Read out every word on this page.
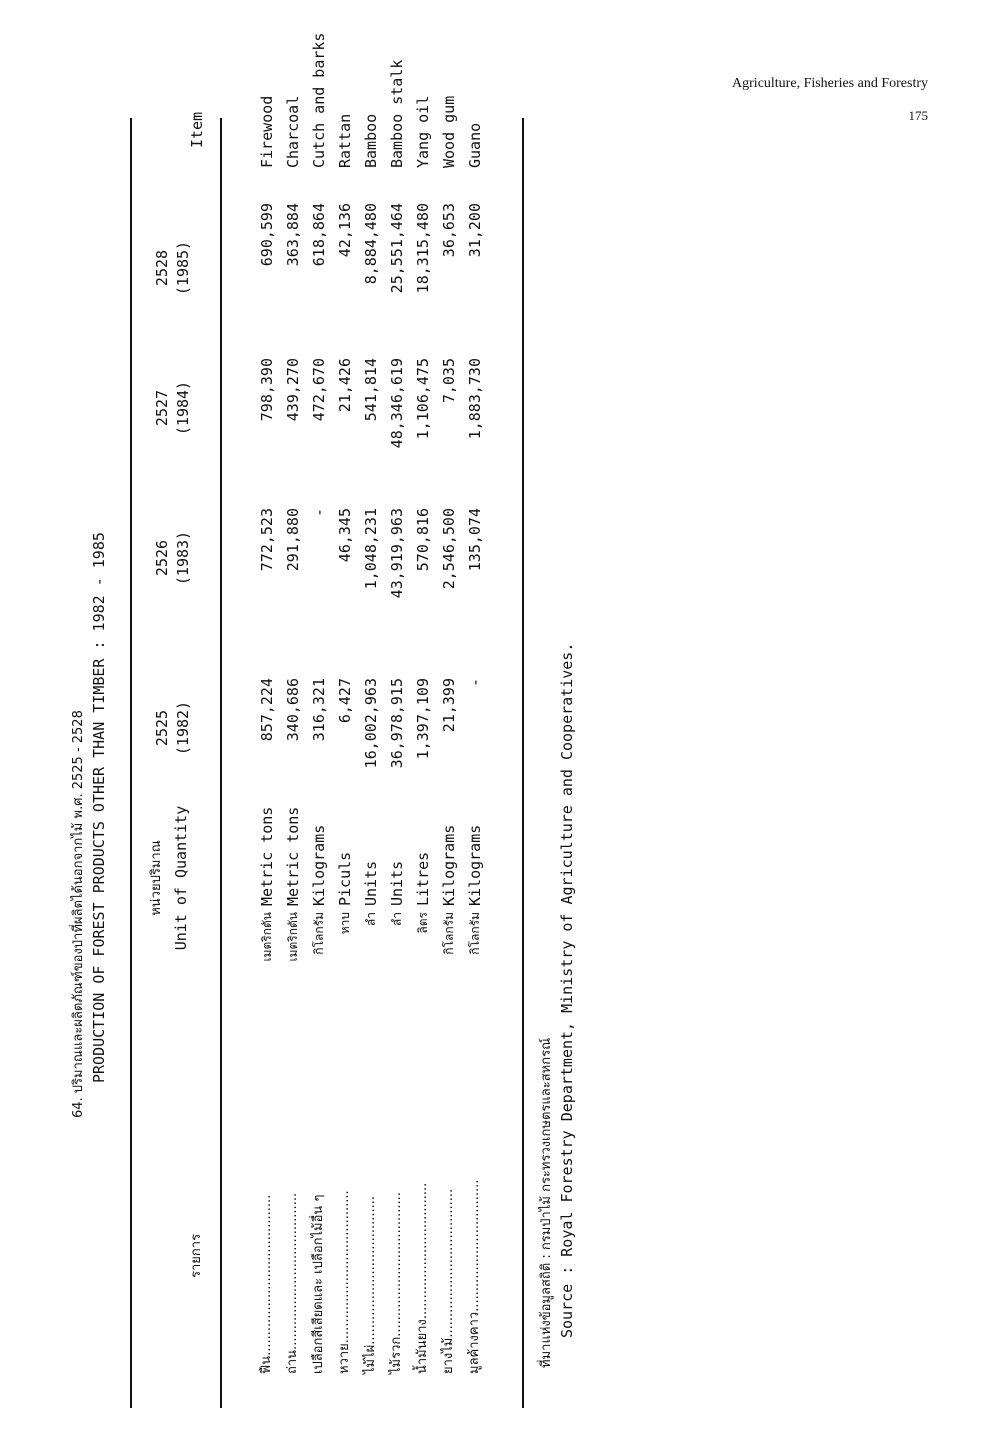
Agriculture, Fisheries and Forestry
175
64. ปริมาณและผลิตภัณฑ์ของป่าที่ผลิตได้นอกจากไม้ พ.ศ. 2525 - 2528 PRODUCTION OF FOREST PRODUCTS OTHER THAN TIMBER : 1982 - 1985
รายการ
หน่วยปริมาณ Unit of Quantity
2525 (1982)
2526 (1983)
2527 (1984)
2528 (1985)
Item
ฟืน.......................................
เมตริกตัน
Metric tons
857,224
772,523
798,390
690,599
Firewood
ถ่าน......................................
เมตริกตัน
Metric tons
340,686
291,880
439,270
363,884
Charcoal
เปลือกสีเสียดและ เปลือกไม้อื่น ๆ
กิโลกรัม
Kilograms
316,321
-
472,670
618,864
Cutch and barks
หวาย.....................................
หาบ
Piculs
6,427
46,345
21,426
42,136
Rattan
ไม้ไผ่....................................
ลำ
Units
16,002,963
1,048,231
541,814
8,884,480
Bamboo
ไม้รวก...................................
ลำ
Units
36,978,915
43,919,963
48,346,619
25,551,464
Bamboo stalk
น้ำมันยาง.................................
ลิตร
Litres
1,397,109
570,816
1,106,475
18,315,480
Yang oil
ยางไม้....................................
กิโลกรัม
Kilograms
21,399
2,546,500
7,035
36,653
Wood gum
มูลค้างคาว................................
กิโลกรัม
Kilograms
-
135,074
1,883,730
31,200
Guano
ที่มาแห่งข้อมูลสถิติ : กรมป่าไม้ กระทรวงเกษตรและสหกรณ์ Source : Royal Forestry Department, Ministry of Agriculture and Cooperatives.
